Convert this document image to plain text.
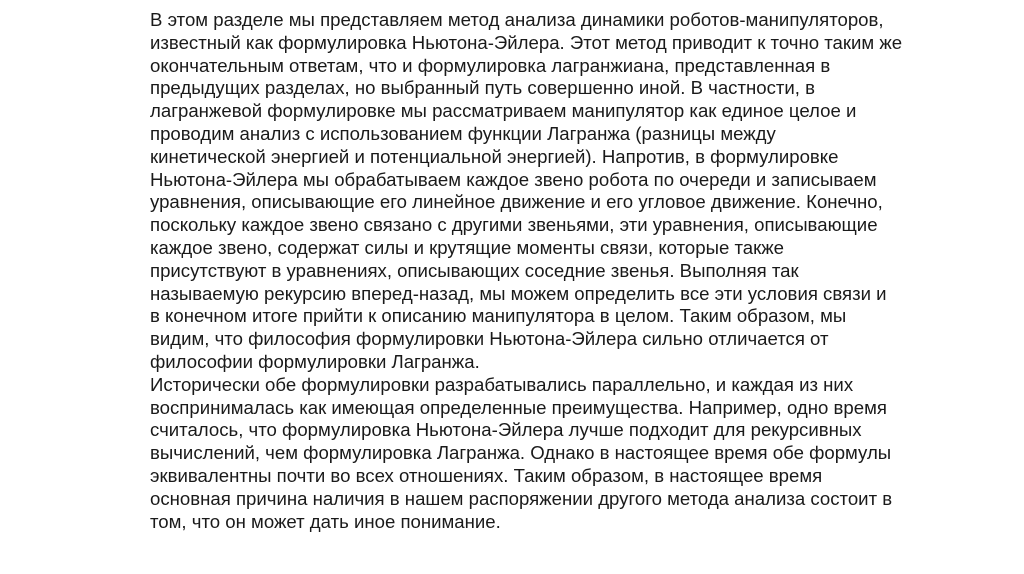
В этом разделе мы представляем метод анализа динамики роботов-манипуляторов,
известный как формулировка Ньютона-Эйлера. Этот метод приводит к точно таким же
окончательным ответам, что и формулировка лагранжиана, представленная в
предыдущих разделах, но выбранный путь совершенно иной. В частности, в
лагранжевой формулировке мы рассматриваем манипулятор как единое целое и
проводим анализ с использованием функции Лагранжа (разницы между
кинетической энергией и потенциальной энергией). Напротив, в формулировке
Ньютона-Эйлера мы обрабатываем каждое звено робота по очереди и записываем
уравнения, описывающие его линейное движение и его угловое движение. Конечно,
поскольку каждое звено связано с другими звеньями, эти уравнения, описывающие
каждое звено, содержат силы и крутящие моменты связи, которые также
присутствуют в уравнениях, описывающих соседние звенья. Выполняя так
называемую рекурсию вперед-назад, мы можем определить все эти условия связи и
в конечном итоге прийти к описанию манипулятора в целом. Таким образом, мы
видим, что философия формулировки Ньютона-Эйлера сильно отличается от
философии формулировки Лагранжа.
Исторически обе формулировки разрабатывались параллельно, и каждая из них
воспринималась как имеющая определенные преимущества. Например, одно время
считалось, что формулировка Ньютона-Эйлера лучше подходит для рекурсивных
вычислений, чем формулировка Лагранжа. Однако в настоящее время обе формулы
эквивалентны почти во всех отношениях. Таким образом, в настоящее время
основная причина наличия в нашем распоряжении другого метода анализа состоит в
том, что он может дать иное понимание.
